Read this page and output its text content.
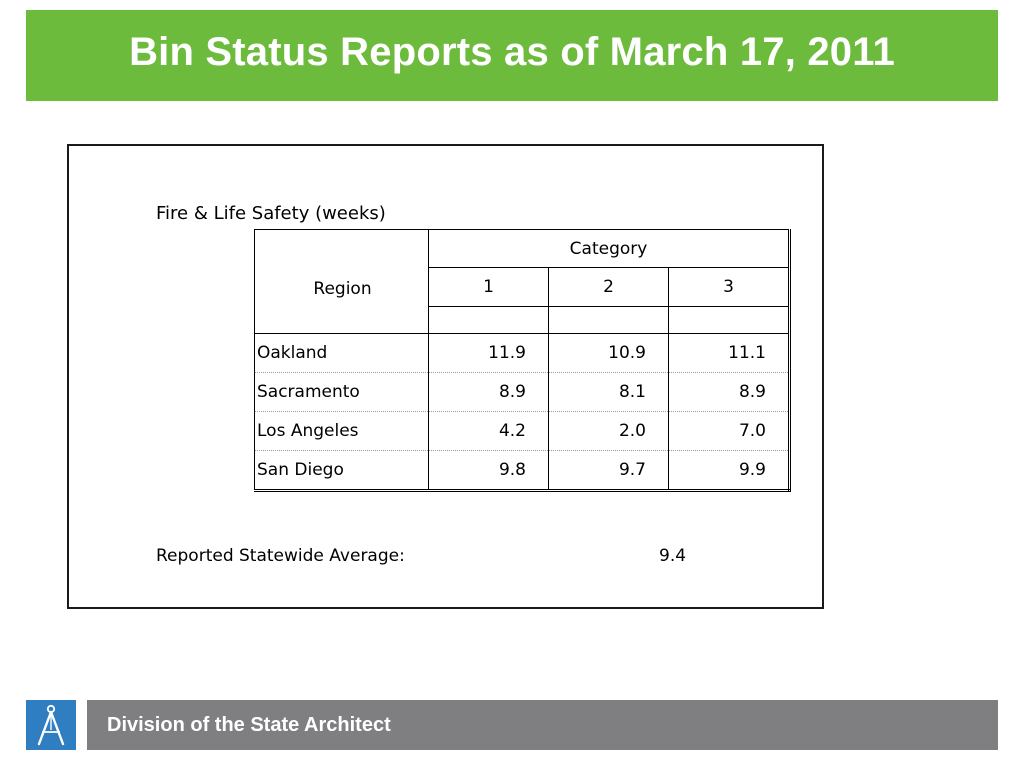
Bin Status Reports as of March 17, 2011
Fire & Life Safety (weeks)
Region	Category		
	1	2	3

Oakland	11.9	10.9	11.1
Sacramento	8.9	8.1	8.9
Los Angeles	4.2	2.0	7.0
San Diego	9.8	9.7	9.9
Reported Statewide Average:	9.4
Division of the State Architect
